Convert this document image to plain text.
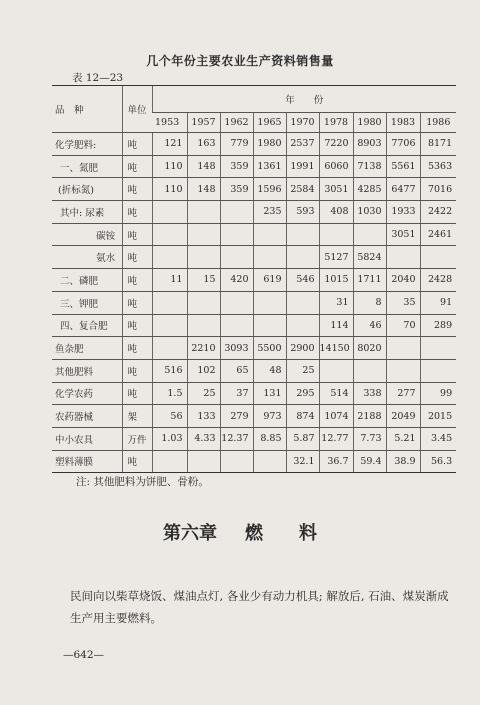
几个年份主要农业生产资料销售量
表 12—23
品　种	单位	年　　份								
		1953	1957	1962	1965	1970	1978	1980	1983	1986
化学肥料:	吨	121	163	779	1980	2537	7220	8903	7706	8171
一、氮肥	吨	110	148	359	1361	1991	6060	7138	5561	5363
(折标氮)	吨	110	148	359	1596	2584	3051	4285	6477	7016
其中: 尿素	吨				235	593	408	1030	1933	2422
碳铵	吨								3051	2461
氨水	吨						5127	5824		
二、磷肥	吨	11	15	420	619	546	1015	1711	2040	2428
三、钾肥	吨						31	8	35	91
四、复合肥	吨						114	46	70	289
鱼杂肥	吨		2210	3093	5500	2900	14150	8020		
其他肥料	吨	516	102	65	48	25				
化学农药	吨	1.5	25	37	131	295	514	338	277	99
农药器械	架	56	133	279	973	874	1074	2188	2049	2015
中小农具	万件	1.03	4.33	12.37	8.85	5.87	12.77	7.73	5.21	3.45
塑料薄膜	吨					32.1	36.7	59.4	38.9	56.3
注: 其他肥料为饼肥、骨粉。
第六章 燃　　料
民间向以柴草烧饭、煤油点灯, 各业少有动力机具; 解放后, 石油、煤炭渐成生产用主要燃料。
—642—
